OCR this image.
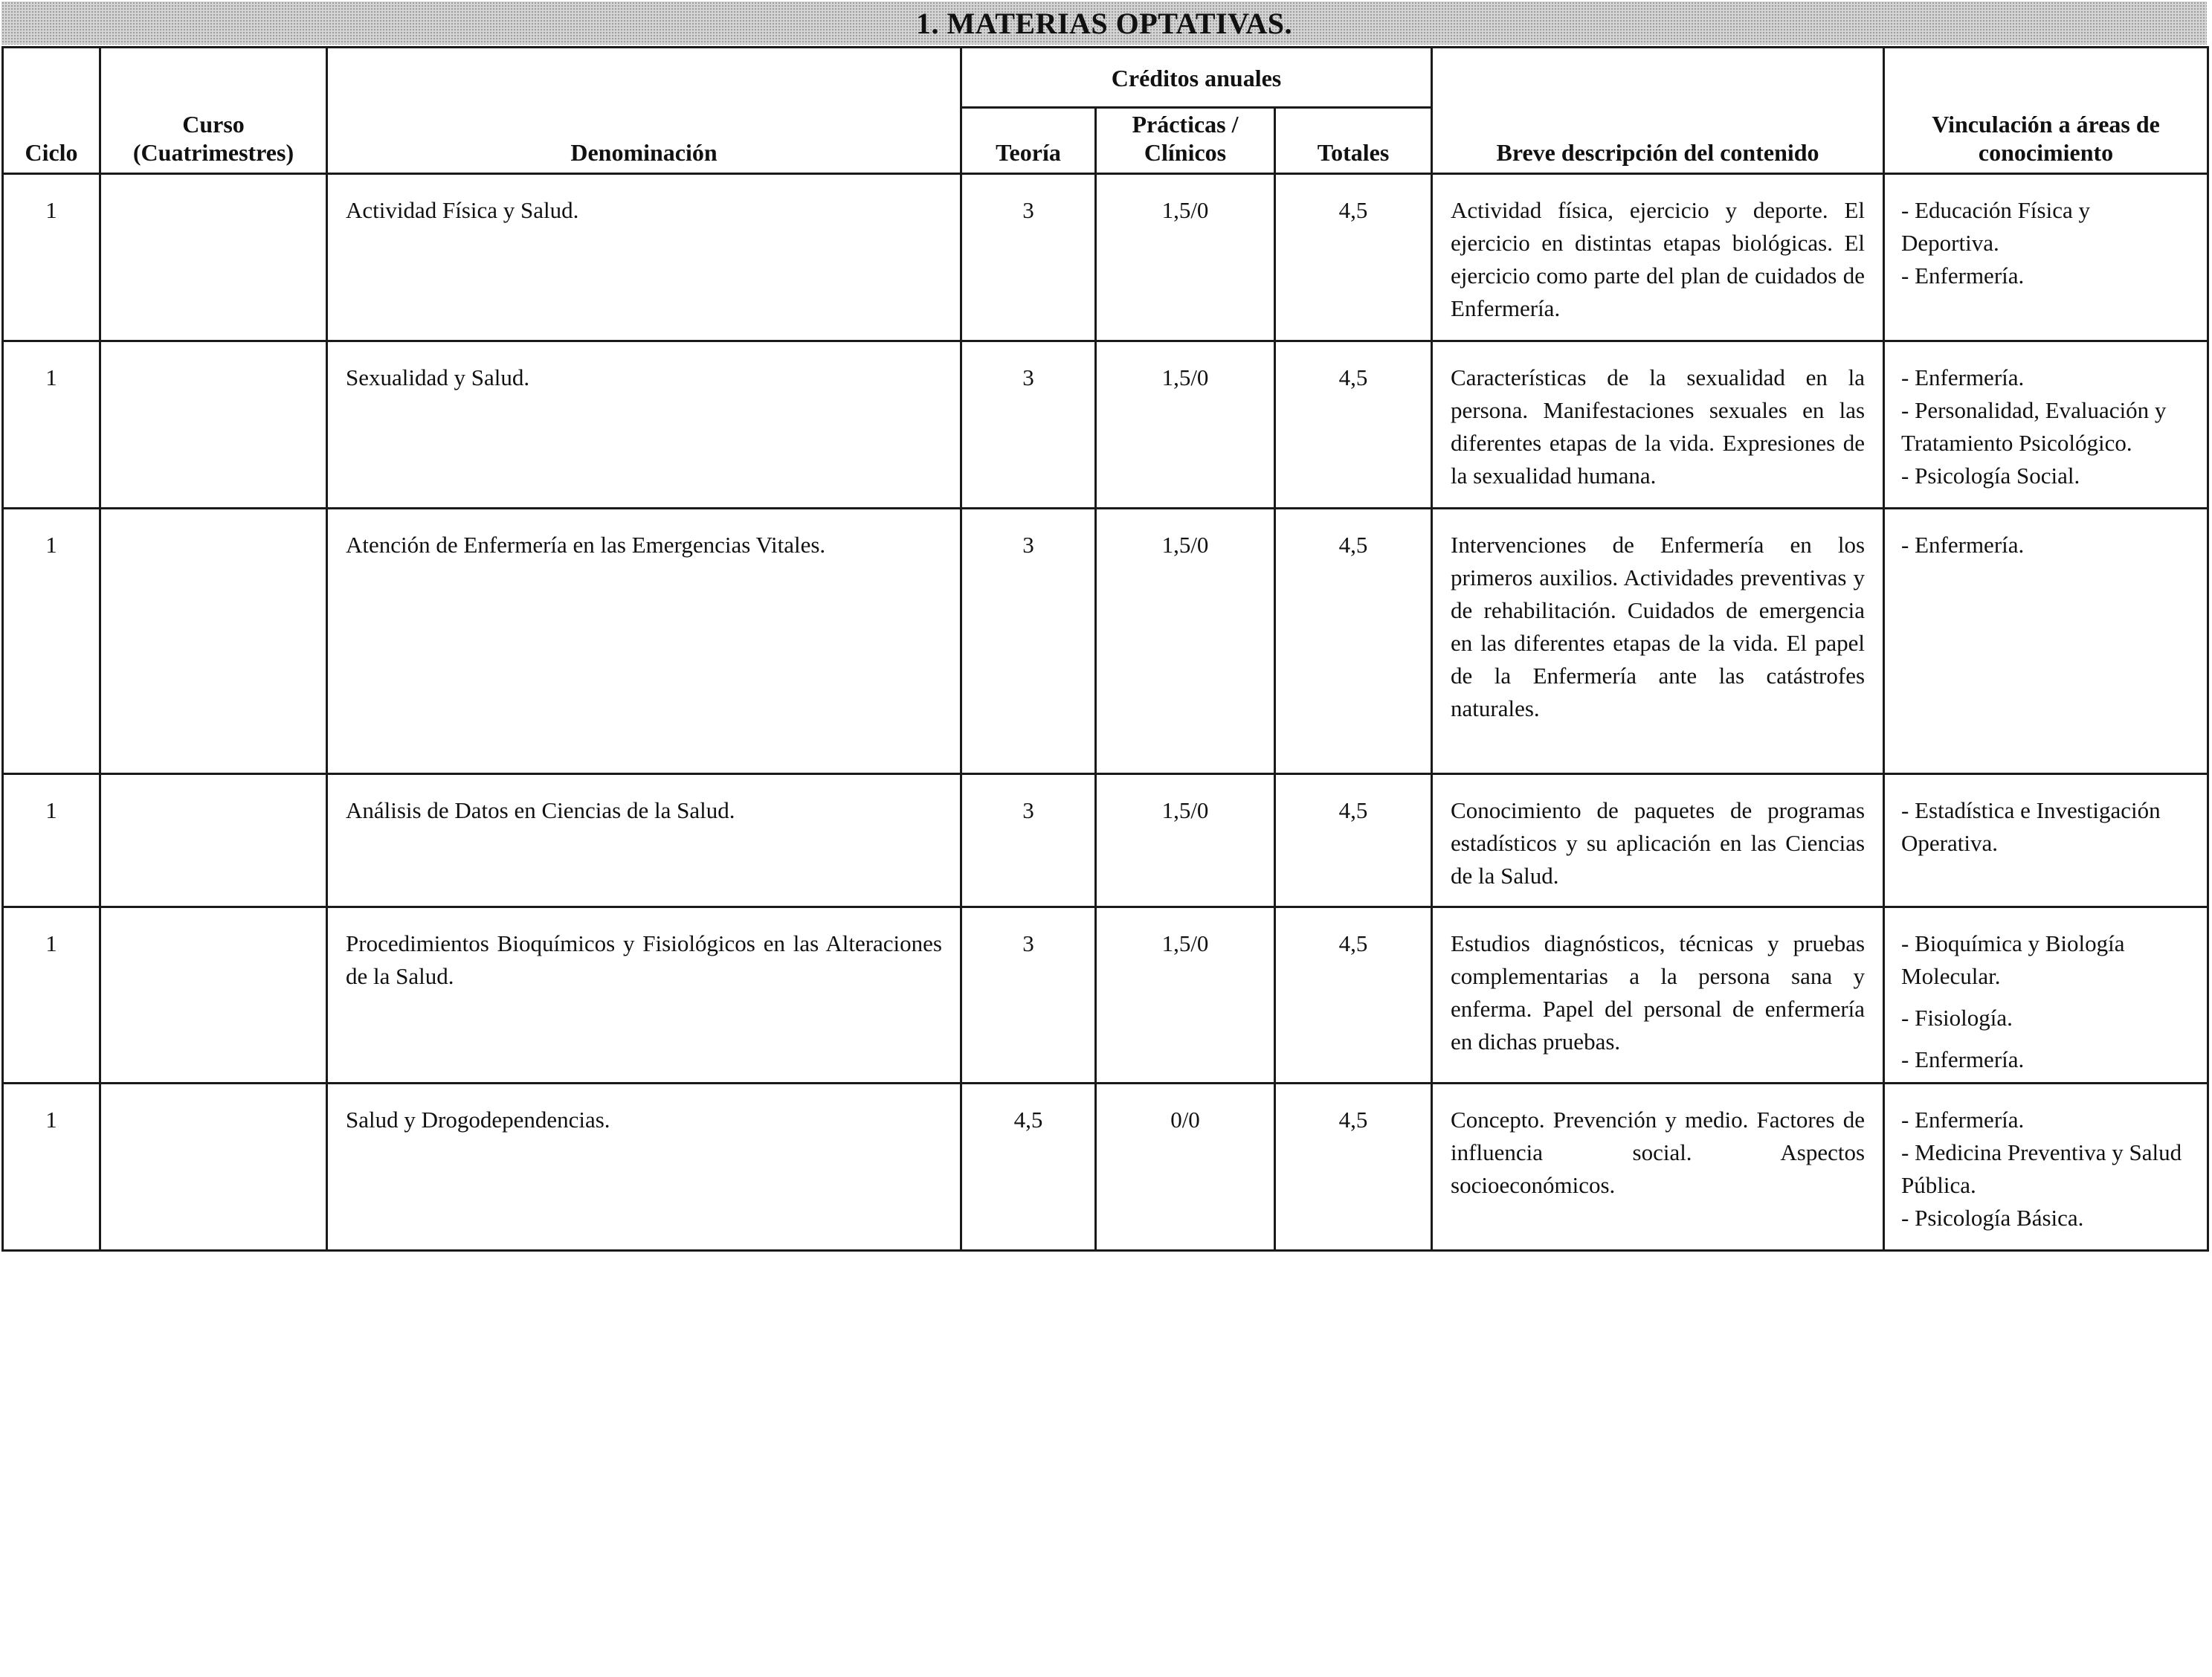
1. MATERIAS OPTATIVAS.
Ciclo	Curso (Cuatrimestres)	Denominación	Créditos anuales			Breve descripción del contenido	Vinculación a áreas de conocimiento
			Teoría	Prácticas / Clínicos	Totales		
1		Actividad Física y Salud.	3	1,5/0	4,5	Actividad física, ejercicio y deporte. El ejercicio en distintas etapas biológicas. El ejercicio como parte del plan de cuidados de Enfermería.	- Educación Física y Deportiva.
- Enfermería.

1		Sexualidad y Salud.	3	1,5/0	4,5	Características de la sexualidad en la persona. Manifestaciones sexuales en las diferentes etapas de la vida. Expresiones de la sexualidad humana.	- Enfermería.
- Personalidad, Evaluación y Tratamiento Psicológico.
- Psicología Social.

1		Atención de Enfermería en las Emergencias Vitales.	3	1,5/0	4,5	Intervenciones de Enfermería en los primeros auxilios. Actividades preventivas y de rehabilitación. Cuidados de emergencia en las diferentes etapas de la vida. El papel de la Enfermería ante las catástrofes naturales.	- Enfermería.

1		Análisis de Datos en Ciencias de la Salud.	3	1,5/0	4,5	Conocimiento de paquetes de programas estadísticos y su aplicación en las Ciencias de la Salud.	- Estadística e Investigación Operativa.

1		Procedimientos Bioquímicos y Fisiológicos en las Alteraciones de la Salud.	3	1,5/0	4,5	Estudios diagnósticos, técnicas y pruebas complementarias a la persona sana y enferma. Papel del personal de enfermería en dichas pruebas.	- Bioquímica y Biología Molecular.
- Fisiología.
- Enfermería.

1		Salud y Drogodependencias.	4,5	0/0	4,5	Concepto. Prevención y medio. Factores de influencia social. Aspectos socioeconómicos.	- Enfermería.
- Medicina Preventiva y Salud Pública.
- Psicología Básica.
